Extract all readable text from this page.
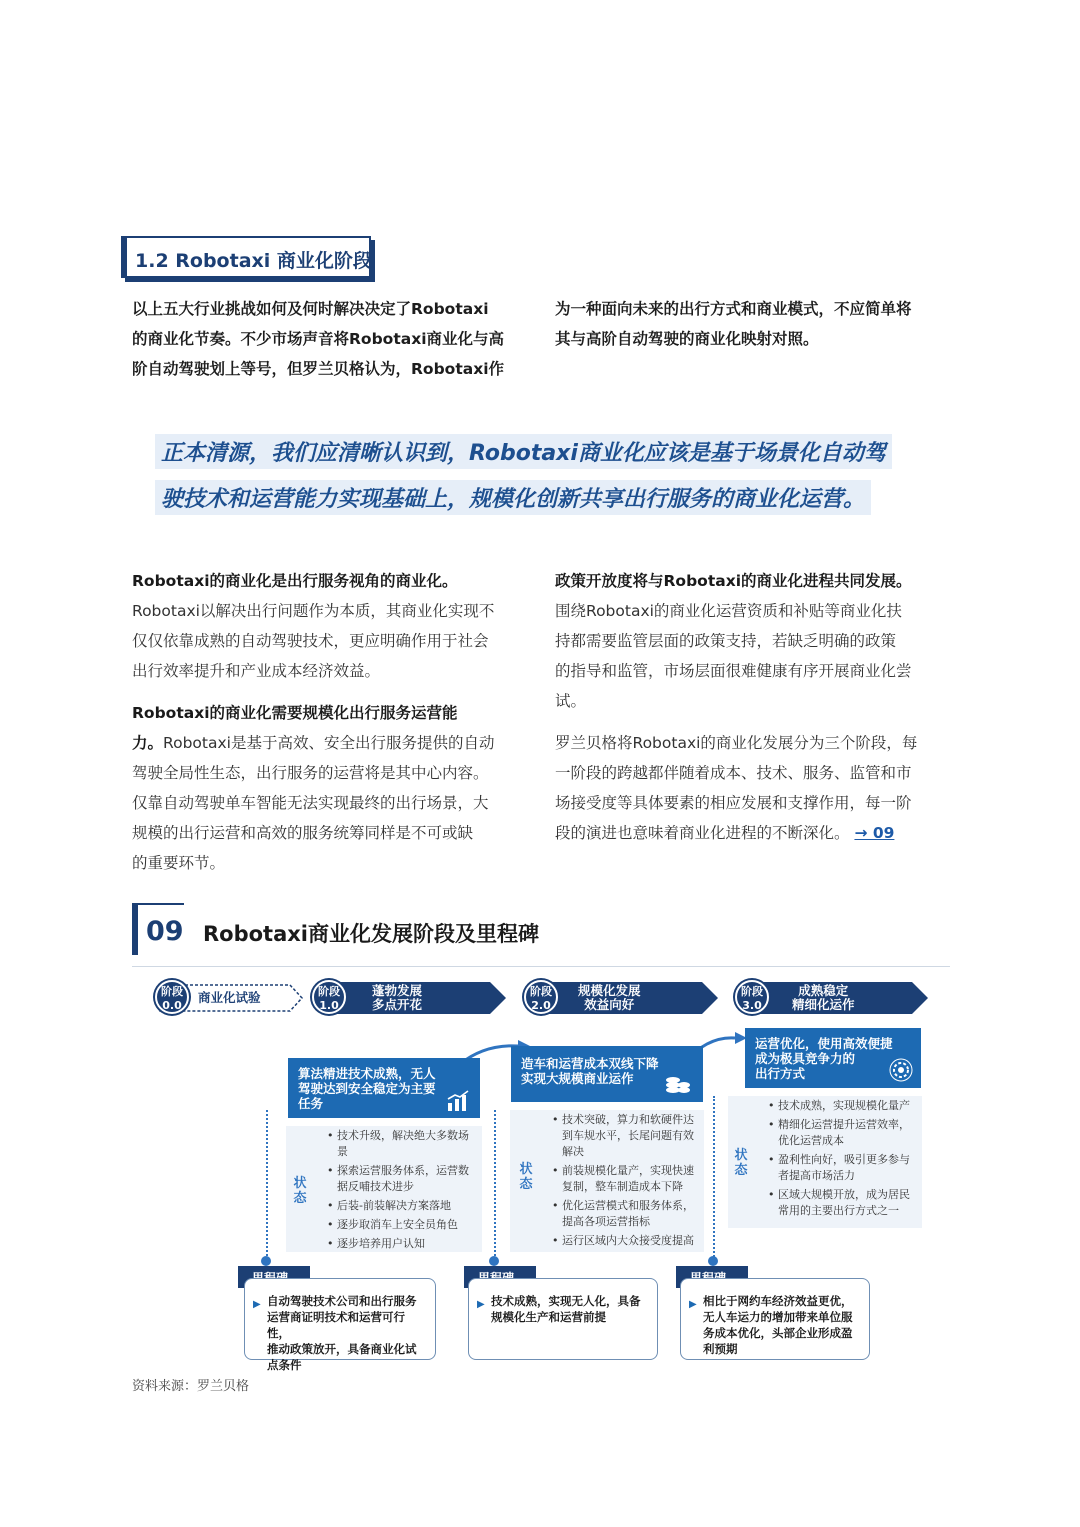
1.2 Robotaxi 商业化阶段
以上五大行业挑战如何及何时解决决定了Robotaxi
的商业化节奏。不少市场声音将Robotaxi商业化与高
阶自动驾驶划上等号，但罗兰贝格认为，Robotaxi作
为一种面向未来的出行方式和商业模式，不应简单将
其与高阶自动驾驶的商业化映射对照。
正本清源，我们应清晰认识到，Robotaxi商业化应该是基于场景化自动驾
驶技术和运营能力实现基础上，规模化创新共享出行服务的商业化运营。
Robotaxi的商业化是出行服务视角的商业化。
Robotaxi以解决出行问题作为本质，其商业化实现不
仅仅依靠成熟的自动驾驶技术，更应明确作用于社会
出行效率提升和产业成本经济效益。
Robotaxi的商业化需要规模化出行服务运营能
力。Robotaxi是基于高效、安全出行服务提供的自动
驾驶全局性生态，出行服务的运营将是其中心内容。
仅靠自动驾驶单车智能无法实现最终的出行场景，大
规模的出行运营和高效的服务统筹同样是不可或缺
的重要环节。
政策开放度将与Robotaxi的商业化进程共同发展。
围绕Robotaxi的商业化运营资质和补贴等商业化扶
持都需要监管层面的政策支持，若缺乏明确的政策
的指导和监管，市场层面很难健康有序开展商业化尝
试。
罗兰贝格将Robotaxi的商业化发展分为三个阶段，每
一阶段的跨越都伴随着成本、技术、服务、监管和市
场接受度等具体要素的相应发展和支撑作用，每一阶
段的演进也意味着商业化进程的不断深化。 → 09
09 Robotaxi商业化发展阶段及里程碑
阶段
0.0
商业化试验	阶段
1.0
蓬勃发展
多点开花
阶段
2.0
规模化发展
效益向好
阶段
3.0
成熟稳定
精细化运作
算法精进技术成熟，无人
驾驶达到安全稳定为主要
任务
造车和运营成本双线下降
实现大规模商业运作
运营优化，使用高效便捷
成为极具竞争力的
出行方式
状
态
• 技术升级，解决绝大多数场景
• 探索运营服务体系，运营数据反哺技术进步
• 后装-前装解决方案落地
• 逐步取消车上安全员角色
• 逐步培养用户认知
状
态
• 技术突破，算力和软硬件达到车规水平，长尾问题有效解决
• 前装规模化量产，实现快速复制，整车制造成本下降
• 优化运营模式和服务体系，提高各项运营指标
• 运行区域内大众接受度提高
状
态
• 技术成熟，实现规模化量产
• 精细化运营提升运营效率，优化运营成本
• 盈利性向好，吸引更多参与者提高市场活力
• 区域大规模开放，成为居民常用的主要出行方式之一
▶ 自动驾驶技术公司和出行服务
运营商证明技术和运营可行性，
推动政策放开，具备商业化试
点条件
▶ 技术成熟，实现无人化，具备
规模化生产和运营前提
▶ 相比于网约车经济效益更优，
无人车运力的增加带来单位服
务成本优化，头部企业形成盈
利预期
资料来源：罗兰贝格
